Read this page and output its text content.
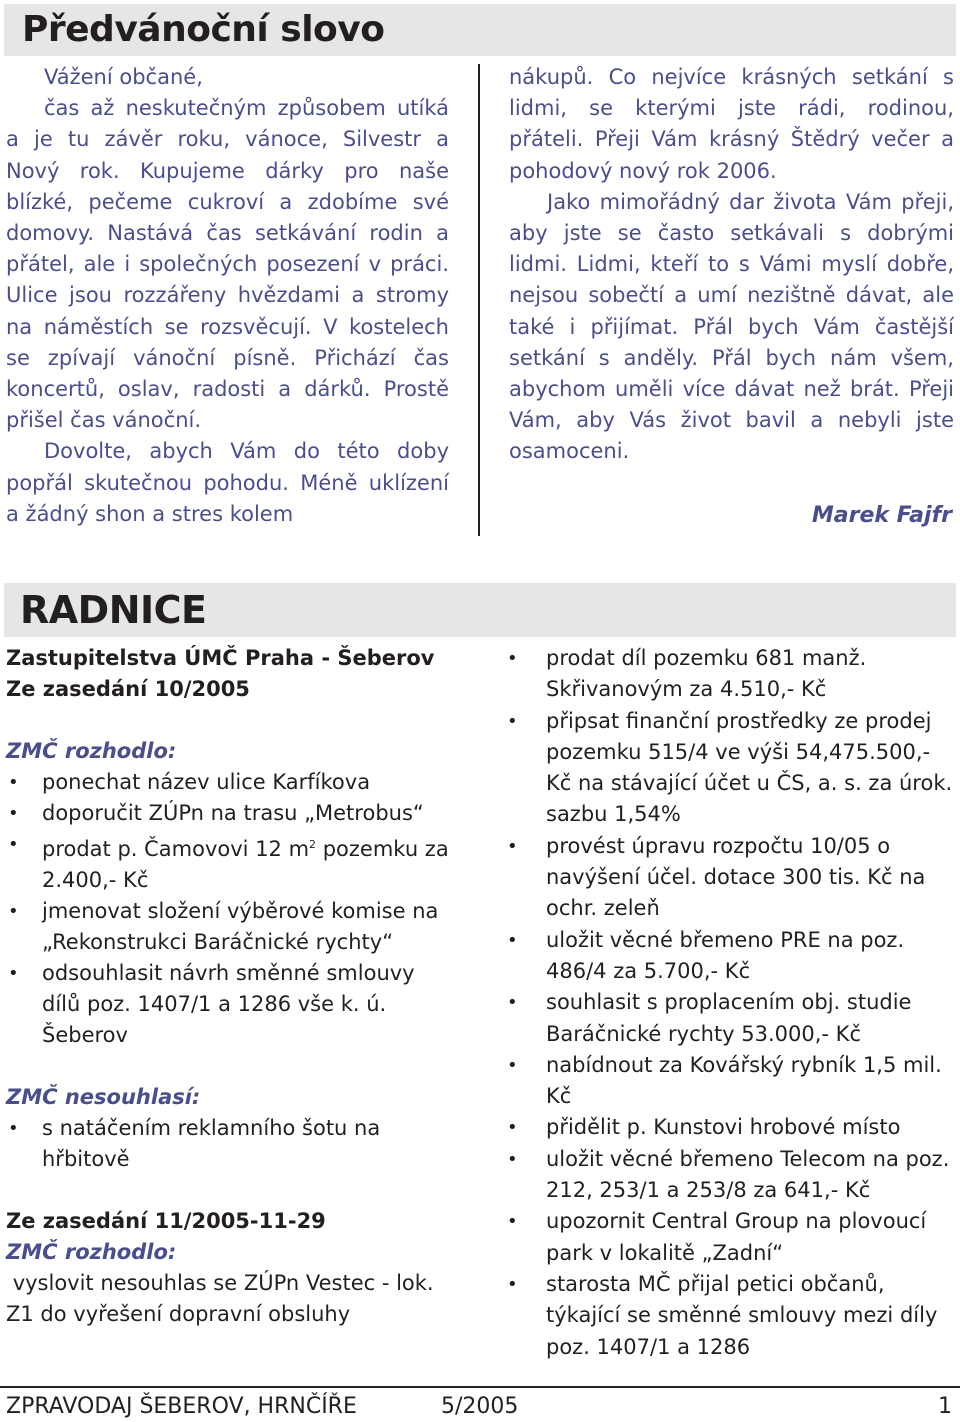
Předvánoční slovo

Vážení občané,

čas až neskutečným způsobem utíká a je tu závěr roku, vánoce, Silvestr a Nový rok. Kupujeme dárky pro naše blízké, pečeme cukroví a zdobíme své domovy. Nastává čas setkávání rodin a přátel, ale i společných posezení v práci. Ulice jsou rozzářeny hvězdami a stromy na náměstích se rozsvěcují. V kostelech se zpívají vánoční písně. Přichází čas koncertů, oslav, radosti a dárků. Prostě přišel čas vánoční.

Dovolte, abych Vám do této doby popřál skutečnou pohodu. Méně uklízení a žádný shon a stres kolem

nákupů. Co nejvíce krásných setkání s lidmi, se kterými jste rádi, rodinou, přáteli. Přeji Vám krásný Štědrý večer a pohodový nový rok 2006.

Jako mimořádný dar života Vám přeji, aby jste se často setkávali s dobrými lidmi. Lidmi, kteří to s Vámi myslí dobře, nejsou sobečtí a umí nezištně dávat, ale také i přijímat. Přál bych Vám častější setkání s anděly. Přál bych nám všem, abychom uměli více dávat než brát. Přeji Vám, aby Vás život bavil a nebyli jste osamoceni.

Marek Fajfr
RADNICE
Zastupitelstva ÚMČ Praha - Šeberov
Ze zasedání 10/2005
ZMČ rozhodlo:
• ponechat název ulice Karfíkova
• doporučit ZÚPn na trasu „Metrobus“
• prodat p. Čamovovi 12 $m^2$ pozemku za 2.400,- Kč
• jmenovat složení výběrové komise na „Rekonstrukci Baráčnické rychty“
• odsouhlasit návrh směnné smlouvy dílů poz. 1407/1 a 1286 vše k. ú. Šeberov
ZMČ nesouhlasí:
• s natáčením reklamního šotu na hřbitově
Ze zasedání 11/2005-11-29
ZMČ rozhodlo:
vyslovit nesouhlas se ZÚPn Vestec - lok. Z1 do vyřešení dopravní obsluhy
• prodat díl pozemku 681 manž. Skřivanovým za 4.510,- Kč
• připsat finanční prostředky ze prodej pozemku 515/4 ve výši 54,475.500,- Kč na stávající účet u ČS, a. s. za úrok. sazbu 1,54%
• provést úpravu rozpočtu 10/05 o navýšení účel. dotace 300 tis. Kč na ochr. zeleň
• uložit věcné břemeno PRE na poz. 486/4 za 5.700,- Kč
• souhlasit s proplacením obj. studie Baráčnické rychty 53.000,- Kč
• nabídnout za Kovářský rybník 1,5 mil. Kč
• přidělit p. Kunstovi hrobové místo
• uložit věcné břemeno Telecom na poz. 212, 253/1 a 253/8 za 641,- Kč
• upozornit Central Group na plovoucí park v lokalitě „Zadní“
• starosta MČ přijal petici občanů, týkající se směnné smlouvy mezi díly poz. 1407/1 a 1286
ZPRAVODAJ ŠEBEROV, HRNČÍŘE	5/2005	1
